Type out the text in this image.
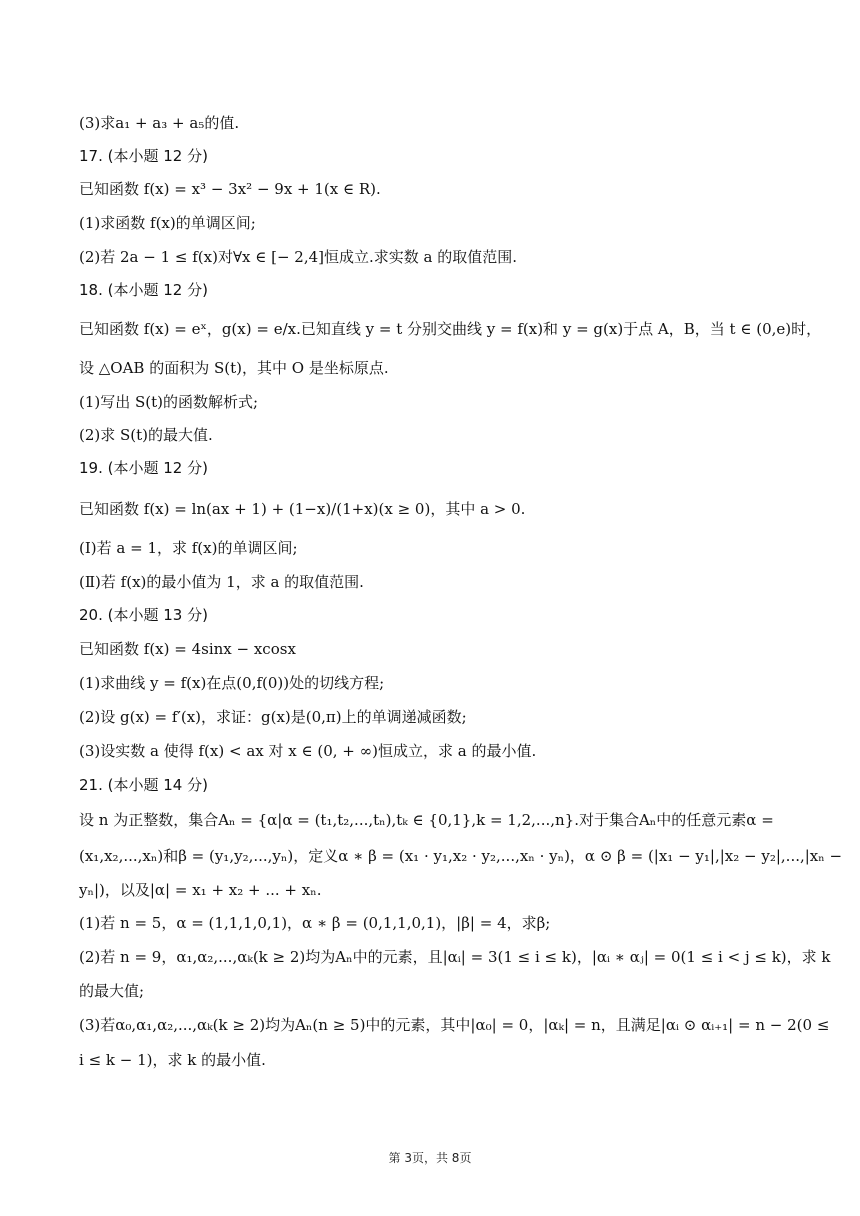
(3)求a₁ + a₃ + a₅的值.
17. (本小题 12 分)
已知函数 f(x) = x³ − 3x² − 9x + 1(x ∈ R).
(1)求函数 f(x)的单调区间;
(2)若 2a − 1 ≤ f(x)对∀x ∈ [− 2,4]恒成立.求实数 a 的取值范围.
18. (本小题 12 分)
已知函数 f(x) = eˣ，g(x) = e/x.已知直线 y = t 分别交曲线 y = f(x)和 y = g(x)于点 A，B，当 t ∈ (0,e)时，
设 △OAB 的面积为 S(t)，其中 O 是坐标原点.
(1)写出 S(t)的函数解析式;
(2)求 S(t)的最大值.
19. (本小题 12 分)
已知函数 f(x) = ln(ax + 1) + (1−x)/(1+x)(x ≥ 0)，其中 a > 0.
(Ⅰ)若 a = 1，求 f(x)的单调区间;
(Ⅱ)若 f(x)的最小值为 1，求 a 的取值范围.
20. (本小题 13 分)
已知函数 f(x) = 4sinx − xcosx
(1)求曲线 y = f(x)在点(0,f(0))处的切线方程;
(2)设 g(x) = f′(x)，求证：g(x)是(0,π)上的单调递减函数;
(3)设实数 a 使得 f(x) < ax 对 x ∈ (0, + ∞)恒成立，求 a 的最小值.
21. (本小题 14 分)
设 n 为正整数，集合Aₙ = {α|α = (t₁,t₂,...,tₙ),tₖ ∈ {0,1},k = 1,2,...,n}.对于集合Aₙ中的任意元素α =
(x₁,x₂,...,xₙ)和β = (y₁,y₂,...,yₙ)，定义α ∗ β = (x₁ · y₁,x₂ · y₂,...,xₙ · yₙ)，α ⊙ β = (|x₁ − y₁|,|x₂ − y₂|,...,|xₙ −
yₙ|)，以及|α| = x₁ + x₂ + ... + xₙ.
(1)若 n = 5，α = (1,1,1,0,1)，α ∗ β = (0,1,1,0,1)，|β| = 4，求β;
(2)若 n = 9，α₁,α₂,...,αₖ(k ≥ 2)均为Aₙ中的元素，且|αᵢ| = 3(1 ≤ i ≤ k)，|αᵢ ∗ αⱼ| = 0(1 ≤ i < j ≤ k)，求 k
的最大值;
(3)若α₀,α₁,α₂,...,αₖ(k ≥ 2)均为Aₙ(n ≥ 5)中的元素，其中|α₀| = 0，|αₖ| = n，且满足|αᵢ ⊙ αᵢ₊₁| = n − 2(0 ≤
i ≤ k − 1)，求 k 的最小值.
第 3页，共 8页
